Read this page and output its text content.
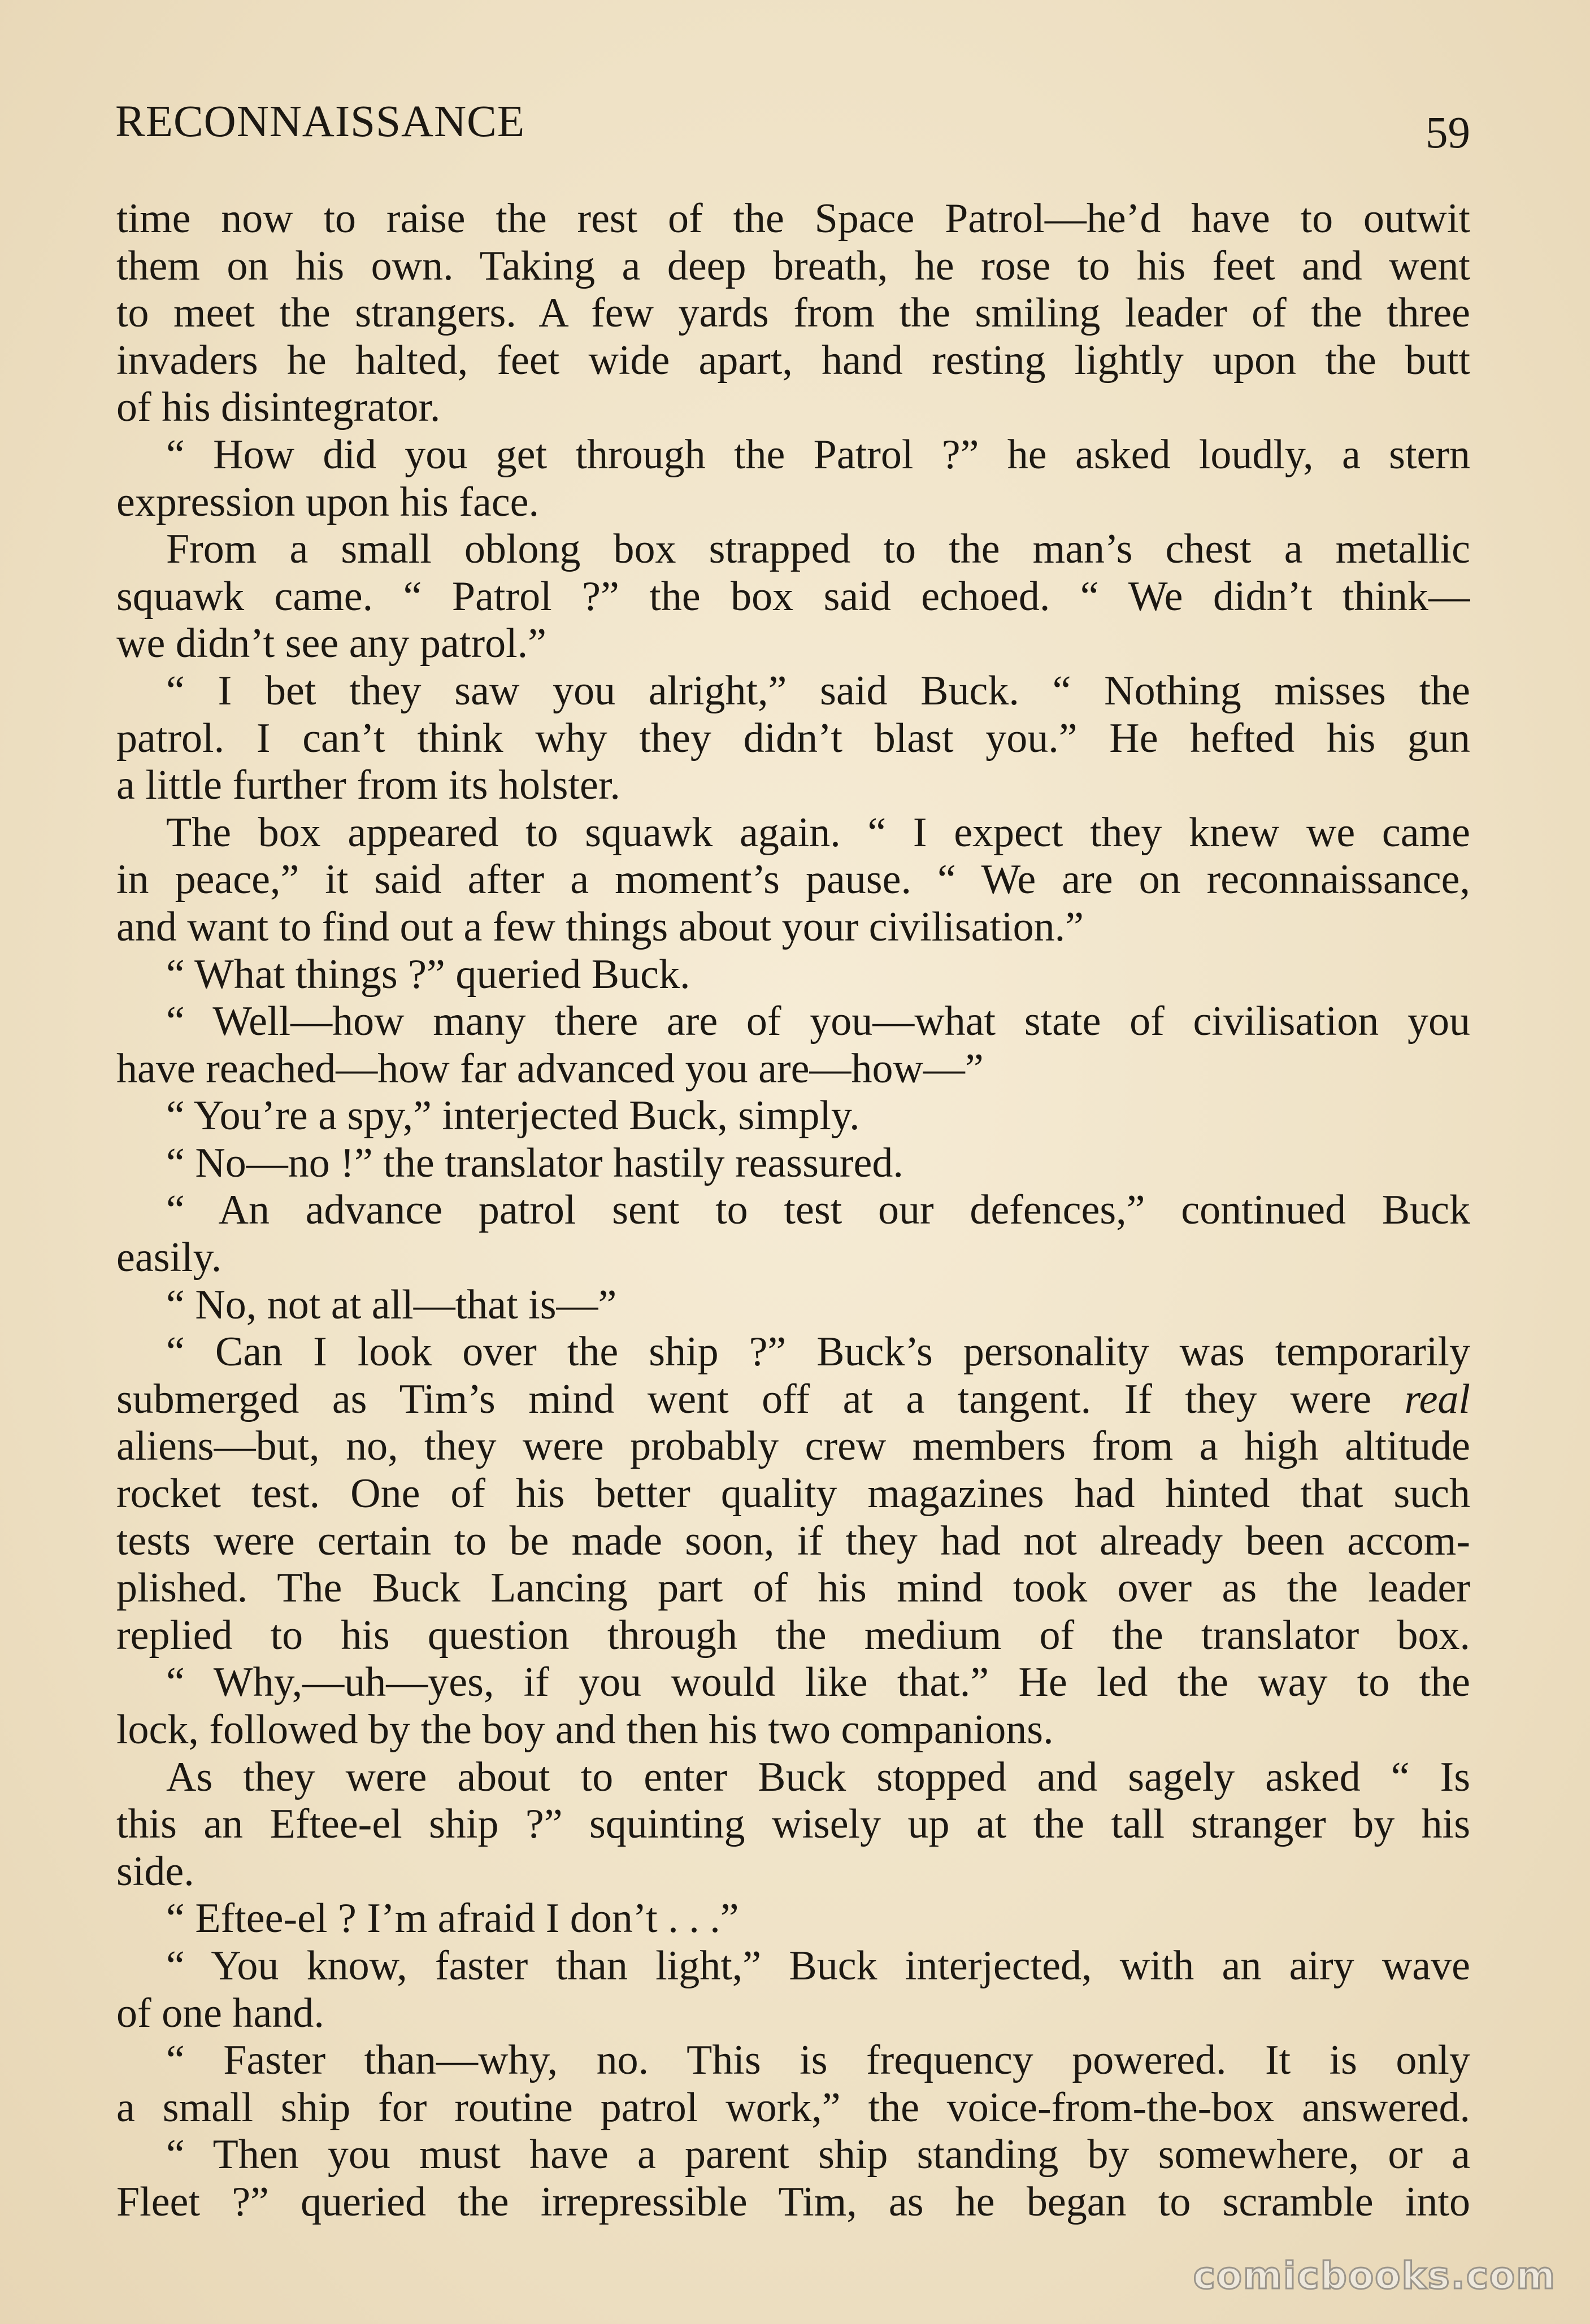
RECONNAISSANCE	59
time now to raise the rest of the Space Patrol—he’d have to outwit
them on his own. Taking a deep breath, he rose to his feet and went
to meet the strangers. A few yards from the smiling leader of the three
invaders he halted, feet wide apart, hand resting lightly upon the butt
of his disintegrator.
“ How did you get through the Patrol ?” he asked loudly, a stern
expression upon his face.
From a small oblong box strapped to the man’s chest a metallic
squawk came. “ Patrol ?” the box said echoed. “ We didn’t think—
we didn’t see any patrol.”
“ I bet they saw you alright,” said Buck. “ Nothing misses the
patrol. I can’t think why they didn’t blast you.” He hefted his gun
a little further from its holster.
The box appeared to squawk again. “ I expect they knew we came
in peace,” it said after a moment’s pause. “ We are on reconnaissance,
and want to find out a few things about your civilisation.”
“ What things ?” queried Buck.
“ Well—how many there are of you—what state of civilisation you
have reached—how far advanced you are—how—”
“ You’re a spy,” interjected Buck, simply.
“ No—no !” the translator hastily reassured.
“ An advance patrol sent to test our defences,” continued Buck
easily.
“ No, not at all—that is—”
“ Can I look over the ship ?” Buck’s personality was temporarily
submerged as Tim’s mind went off at a tangent. If they were real
aliens—but, no, they were probably crew members from a high altitude
rocket test. One of his better quality magazines had hinted that such
tests were certain to be made soon, if they had not already been accom-
plished. The Buck Lancing part of his mind took over as the leader
replied to his question through the medium of the translator box.
“ Why,—uh—yes, if you would like that.” He led the way to the
lock, followed by the boy and then his two companions.
As they were about to enter Buck stopped and sagely asked “ Is
this an Eftee-el ship ?” squinting wisely up at the tall stranger by his
side.
“ Eftee-el ? I’m afraid I don’t . . .”
“ You know, faster than light,” Buck interjected, with an airy wave
of one hand.
“ Faster than—why, no. This is frequency powered. It is only
a small ship for routine patrol work,” the voice-from-the-box answered.
“ Then you must have a parent ship standing by somewhere, or a
Fleet ?” queried the irrepressible Tim, as he began to scramble into
comicbooks.com
